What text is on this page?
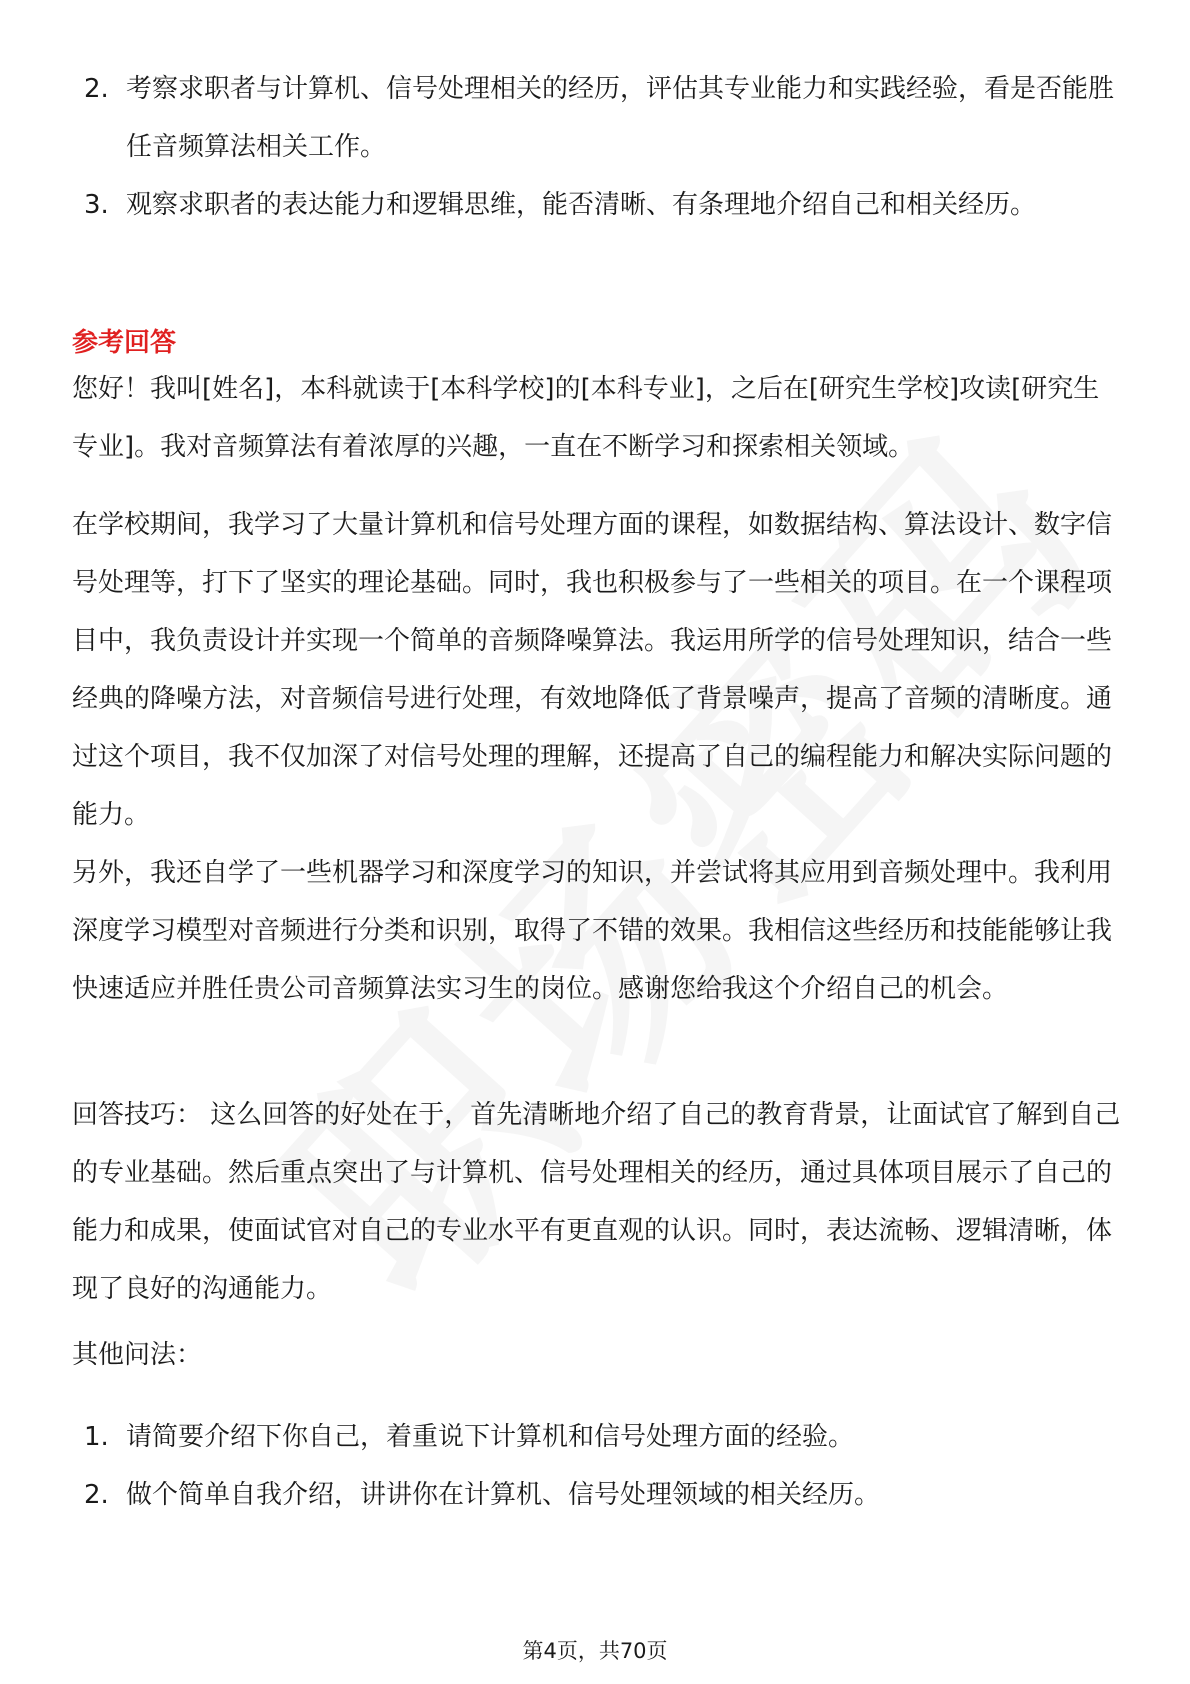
2. 考察求职者与计算机、信号处理相关的经历，评估其专业能力和实践经验，看是否能胜任音频算法相关工作。
3. 观察求职者的表达能力和逻辑思维，能否清晰、有条理地介绍自己和相关经历。
参考回答

您好！我叫[姓名]，本科就读于[本科学校]的[本科专业]，之后在[研究生学校]攻读[研究生专业]。我对音频算法有着浓厚的兴趣，一直在不断学习和探索相关领域。

在学校期间，我学习了大量计算机和信号处理方面的课程，如数据结构、算法设计、数字信号处理等，打下了坚实的理论基础。同时，我也积极参与了一些相关的项目。在一个课程项目中，我负责设计并实现一个简单的音频降噪算法。我运用所学的信号处理知识，结合一些经典的降噪方法，对音频信号进行处理，有效地降低了背景噪声，提高了音频的清晰度。通过这个项目，我不仅加深了对信号处理的理解，还提高了自己的编程能力和解决实际问题的能力。

另外，我还自学了一些机器学习和深度学习的知识，并尝试将其应用到音频处理中。我利用深度学习模型对音频进行分类和识别，取得了不错的效果。我相信这些经历和技能能够让我快速适应并胜任贵公司音频算法实习生的岗位。感谢您给我这个介绍自己的机会。

回答技巧： 这么回答的好处在于，首先清晰地介绍了自己的教育背景，让面试官了解到自己的专业基础。然后重点突出了与计算机、信号处理相关的经历，通过具体项目展示了自己的能力和成果，使面试官对自己的专业水平有更直观的认识。同时，表达流畅、逻辑清晰，体现了良好的沟通能力。

其他问法：

1. 请简要介绍下你自己，着重说下计算机和信号处理方面的经验。
2. 做个简单自我介绍，讲讲你在计算机、信号处理领域的相关经历。
第4页，共70页
